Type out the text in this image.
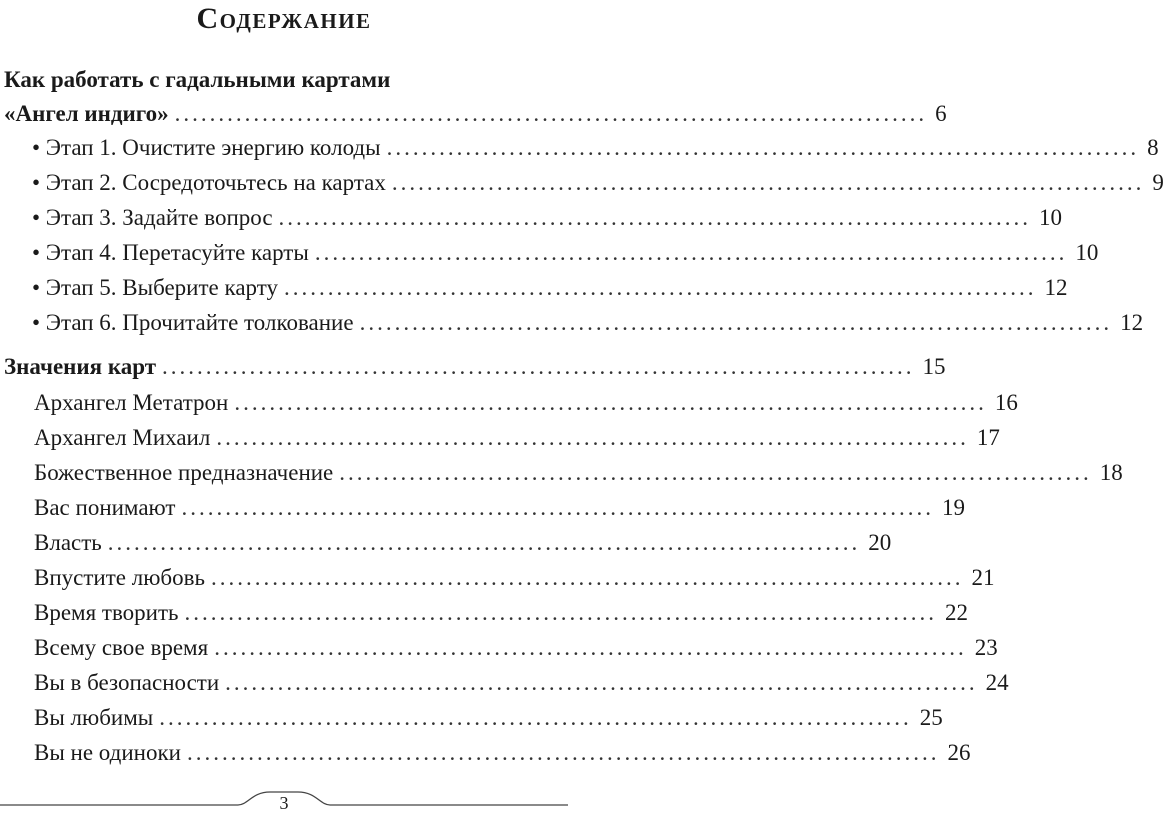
Содержание
Как работать с гадальными картами
«Ангел индиго» ...................................................................................... 6
• Этап 1. Очистите энергию колоды ...................................................................................... 8
• Этап 2. Сосредоточьтесь на картах ...................................................................................... 9
• Этап 3. Задайте вопрос ...................................................................................... 10
• Этап 4. Перетасуйте карты ...................................................................................... 10
• Этап 5. Выберите карту ...................................................................................... 12
• Этап 6. Прочитайте толкование ...................................................................................... 12
Значения карт ...................................................................................... 15
Архангел Метатрон ...................................................................................... 16
Архангел Михаил ...................................................................................... 17
Божественное предназначение ...................................................................................... 18
Вас понимают ...................................................................................... 19
Власть ...................................................................................... 20
Впустите любовь ...................................................................................... 21
Время творить ...................................................................................... 22
Всему свое время ...................................................................................... 23
Вы в безопасности ...................................................................................... 24
Вы любимы ...................................................................................... 25
Вы не одиноки ...................................................................................... 26
3
